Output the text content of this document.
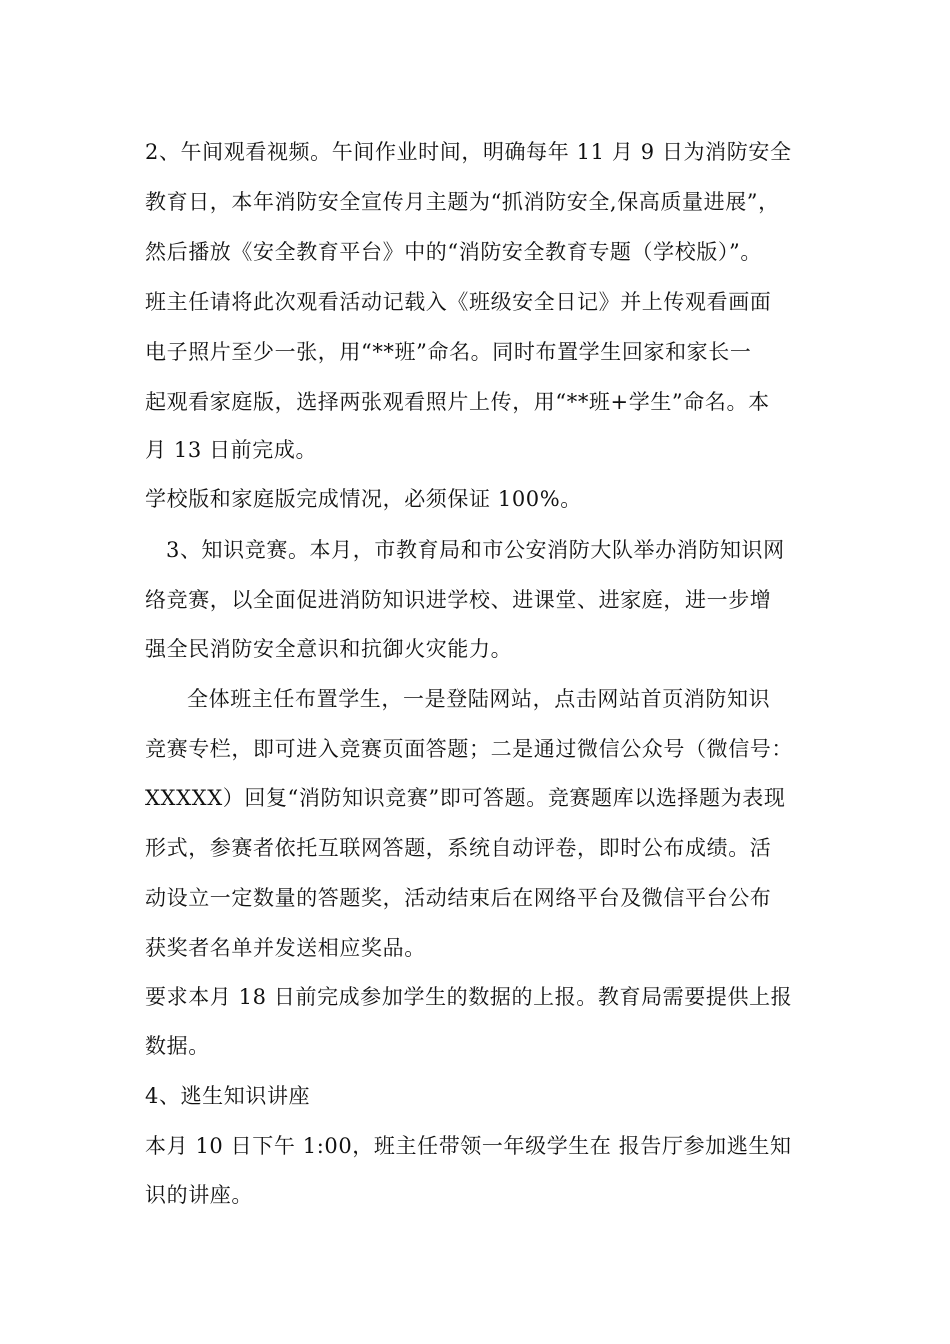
2、午间观看视频。午间作业时间，明确每年 11 月 9 日为消防安全

教育日，本年消防安全宣传月主题为“抓消防安全,保高质量进展”，

然后播放《安全教育平台》中的“消防安全教育专题（学校版）”。

班主任请将此次观看活动记载入《班级安全日记》并上传观看画面

电子照片至少一张，用“**班”命名。同时布置学生回家和家长一

起观看家庭版，选择两张观看照片上传，用“**班+学生”命名。本

月 13 日前完成。

学校版和家庭版完成情况，必须保证 100%。

3、知识竞赛。本月，市教育局和市公安消防大队举办消防知识网

络竞赛，以全面促进消防知识进学校、进课堂、进家庭，进一步增

强全民消防安全意识和抗御火灾能力。

全体班主任布置学生，一是登陆网站，点击网站首页消防知识

竞赛专栏，即可进入竞赛页面答题；二是通过微信公众号（微信号：

XXXXX）回复“消防知识竞赛”即可答题。竞赛题库以选择题为表现

形式，参赛者依托互联网答题，系统自动评卷，即时公布成绩。活

动设立一定数量的答题奖，活动结束后在网络平台及微信平台公布

获奖者名单并发送相应奖品。

要求本月 18 日前完成参加学生的数据的上报。教育局需要提供上报

数据。

4、逃生知识讲座

本月 10 日下午 1:00，班主任带领一年级学生在 报告厅参加逃生知

识的讲座。
